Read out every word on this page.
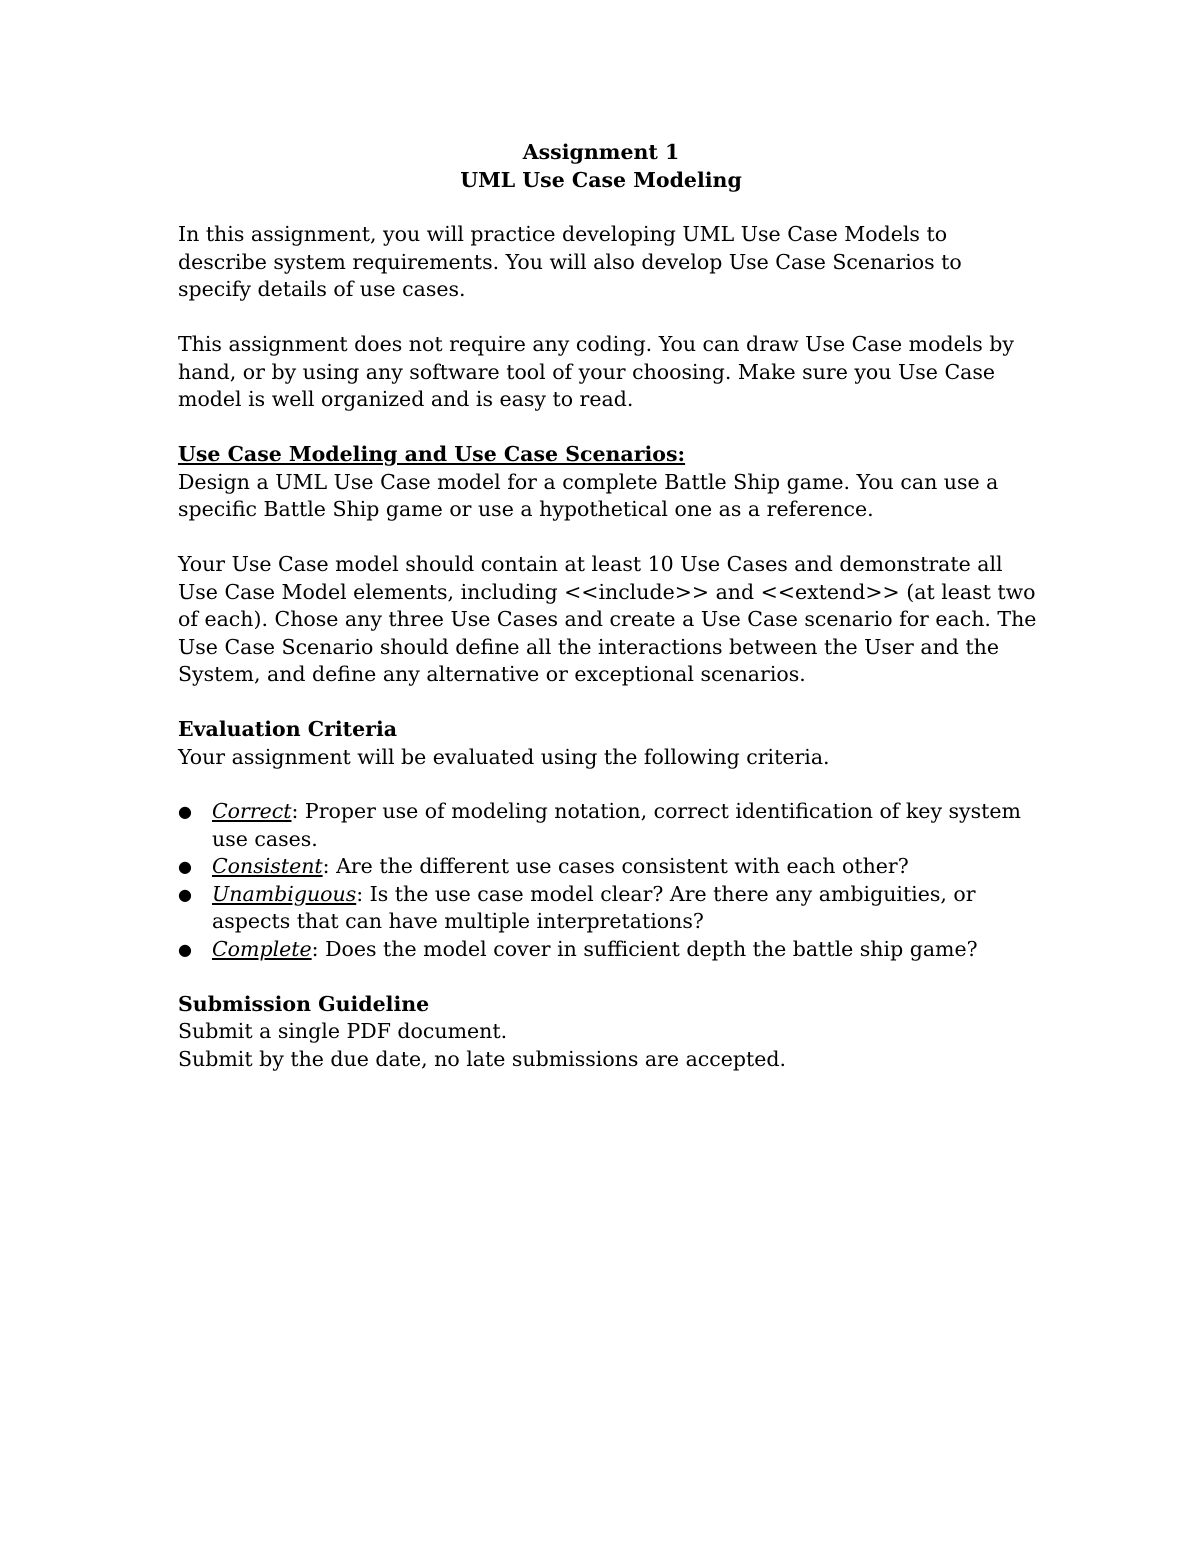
Assignment 1
UML Use Case Modeling

In this assignment, you will practice developing UML Use Case Models to describe system requirements. You will also develop Use Case Scenarios to specify details of use cases.

This assignment does not require any coding. You can draw Use Case models by hand, or by using any software tool of your choosing. Make sure you Use Case model is well organized and is easy to read.

Use Case Modeling and Use Case Scenarios:

Design a UML Use Case model for a complete Battle Ship game. You can use a specific Battle Ship game or use a hypothetical one as a reference.

Your Use Case model should contain at least 10 Use Cases and demonstrate all Use Case Model elements, including <<include>> and <<extend>> (at least two of each). Chose any three Use Cases and create a Use Case scenario for each. The Use Case Scenario should define all the interactions between the User and the System, and define any alternative or exceptional scenarios.

Evaluation Criteria
Your assignment will be evaluated using the following criteria.
● Correct: Proper use of modeling notation, correct identification of key system use cases.
● Consistent: Are the different use cases consistent with each other?
● Unambiguous: Is the use case model clear? Are there any ambiguities, or aspects that can have multiple interpretations?
● Complete: Does the model cover in sufficient depth the battle ship game?
Submission Guideline
Submit a single PDF document.
Submit by the due date, no late submissions are accepted.
